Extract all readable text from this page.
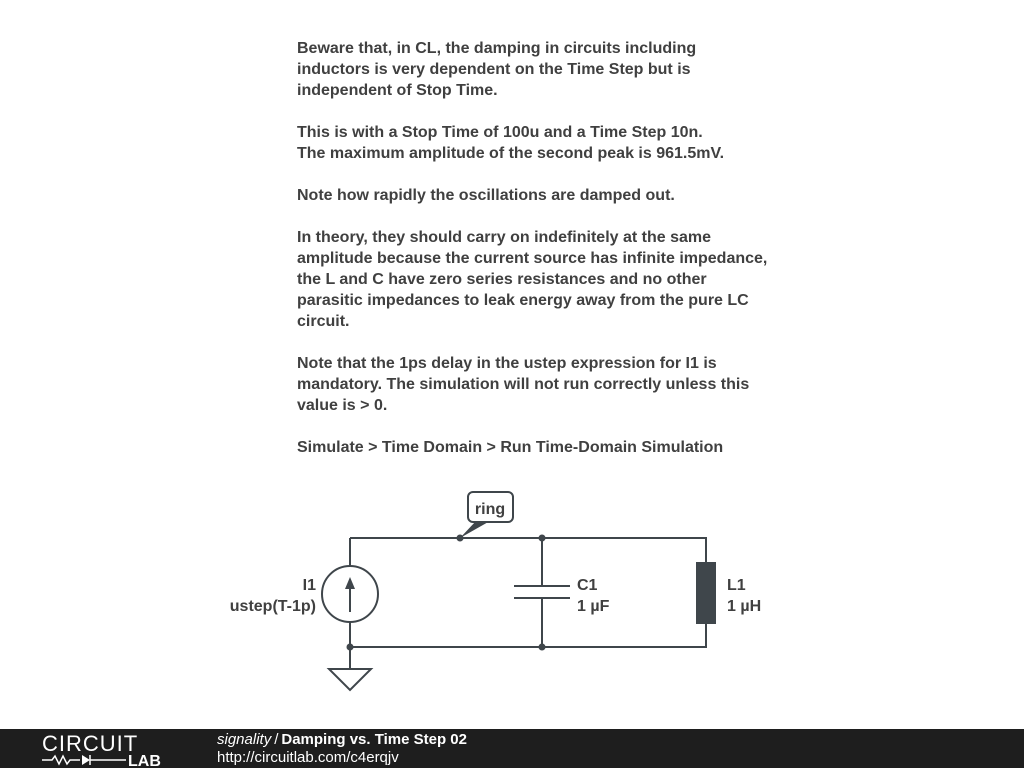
Beware that, in CL, the damping in circuits including
inductors is very dependent on the Time Step but is
independent of Stop Time.

This is with a Stop Time of 100u and a Time Step 10n.
The maximum amplitude of the second peak is 961.5mV.

Note how rapidly the oscillations are damped out.

In theory, they should carry on indefinitely at the same
amplitude because the current source has infinite impedance,
the L and C have zero series resistances and no other
parasitic impedances to leak energy away from the pure LC
circuit.

Note that the 1ps delay in the ustep expression for I1 is
mandatory. The simulation will not run correctly unless this
value is > 0.

Simulate > Time Domain > Run Time-Domain Simulation

ring
I1
ustep(T-1p)
C1
1 µF
L1
1 µH
CIRCUIT
LAB
signality / Damping vs. Time Step 02
http://circuitlab.com/c4erqjv
